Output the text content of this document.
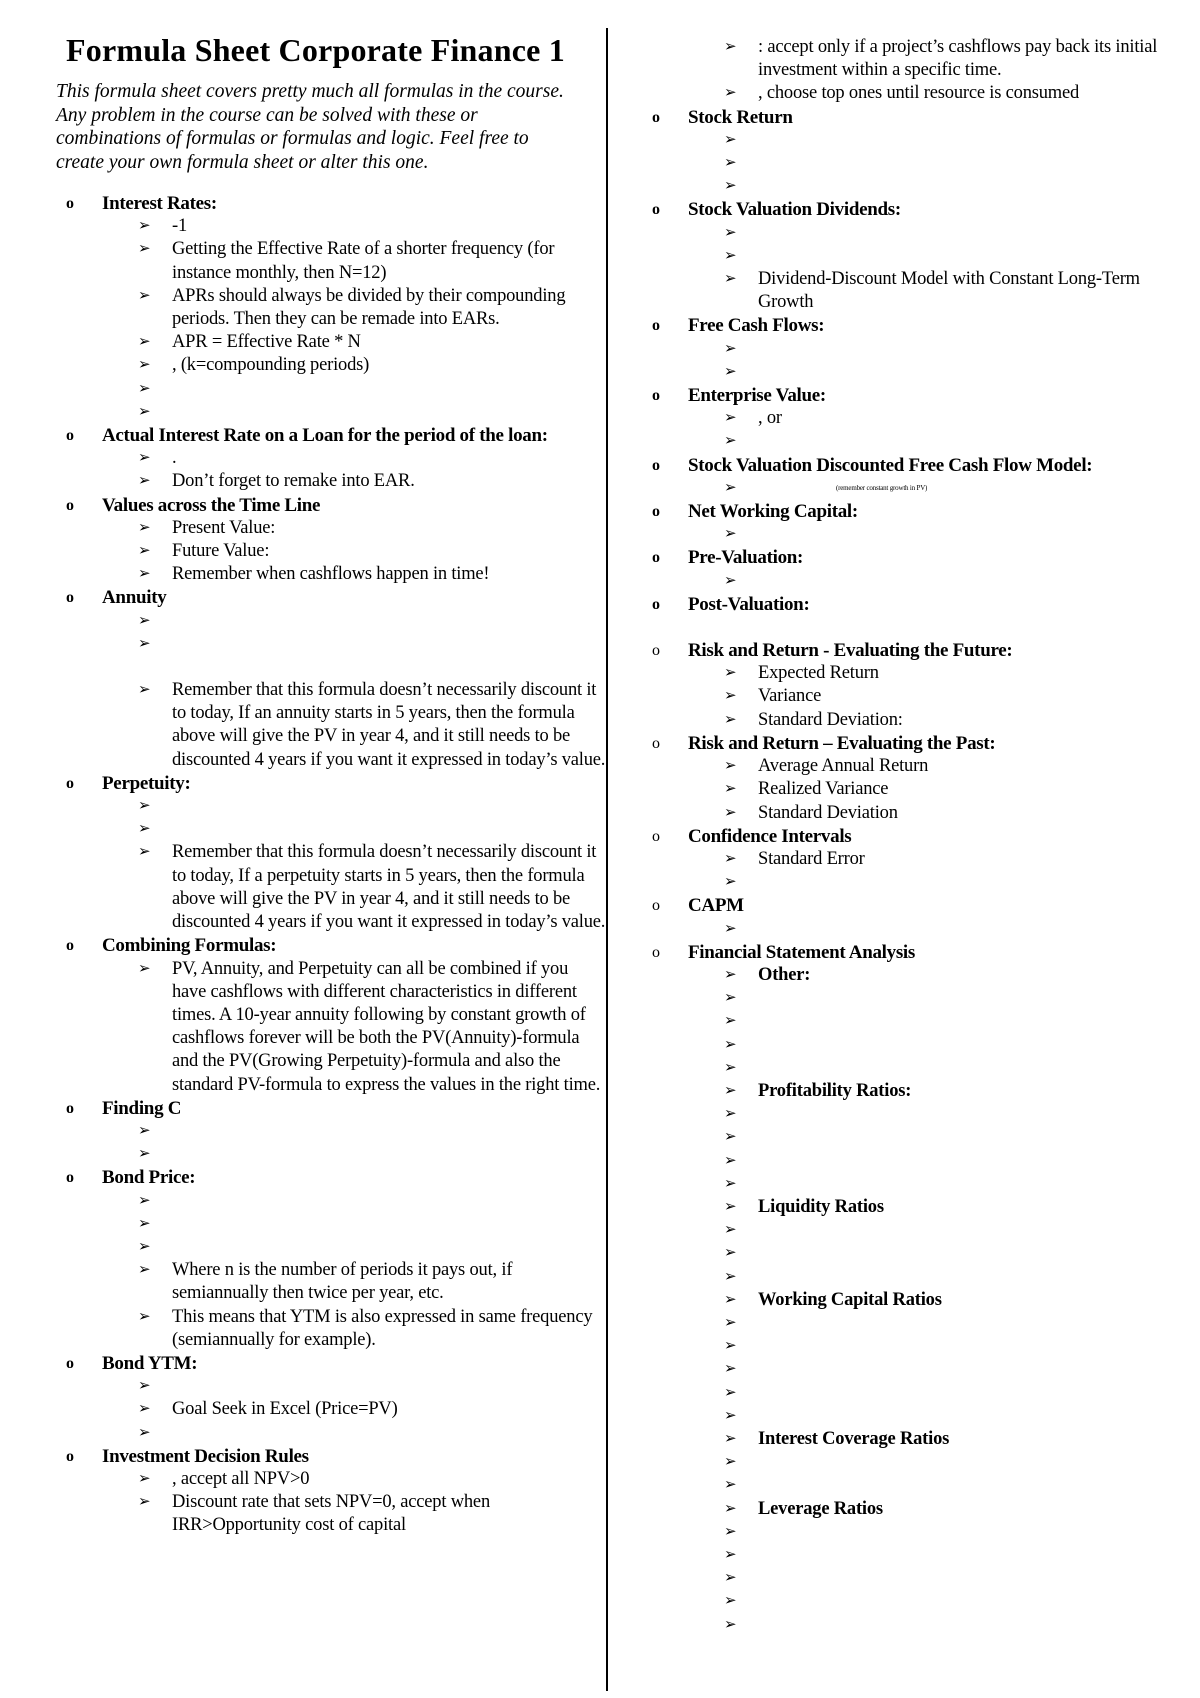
Formula Sheet Corporate Finance 1

This formula sheet covers pretty much all formulas in the course. Any problem in the course can be solved with these or combinations of formulas or formulas and logic. Feel free to create your own formula sheet or alter this one.

o	Interest Rates:
➢	-1
➢	Getting the Effective Rate of a shorter frequency (for instance monthly, then N=12)
➢	APRs should always be divided by their compounding periods. Then they can be remade into EARs.
➢	APR = Effective Rate * N
➢	, (k=compounding periods)
➢
➢
o	Actual Interest Rate on a Loan for the period of the loan:
➢	.
➢	Don’t forget to remake into EAR.
o	Values across the Time Line
➢	Present Value:
➢	Future Value:
➢	Remember when cashflows happen in time!
o	Annuity
➢
➢
➢	Remember that this formula doesn’t necessarily discount it to today, If an annuity starts in 5 years, then the formula above will give the PV in year 4, and it still needs to be discounted 4 years if you want it expressed in today’s value.
o	Perpetuity:
➢
➢
➢	Remember that this formula doesn’t necessarily discount it to today, If a perpetuity starts in 5 years, then the formula above will give the PV in year 4, and it still needs to be discounted 4 years if you want it expressed in today’s value.
o	Combining Formulas:
➢	PV, Annuity, and Perpetuity can all be combined if you have cashflows with different characteristics in different times. A 10-year annuity following by constant growth of cashflows forever will be both the PV(Annuity)-formula and the PV(Growing Perpetuity)-formula and also the standard PV-formula to express the values in the right time.
o	Finding C
➢
➢
o	Bond Price:
➢
➢
➢
➢	Where n is the number of periods it pays out, if semiannually then twice per year, etc.
➢	This means that YTM is also expressed in same frequency (semiannually for example).
o	Bond YTM:
➢
➢	Goal Seek in Excel (Price=PV)
➢
o	Investment Decision Rules
➢	, accept all NPV>0
➢	Discount rate that sets NPV=0, accept when IRR>Opportunity cost of capital
➢	: accept only if a project’s cashflows pay back its initial investment within a specific time.
➢	, choose top ones until resource is consumed
o	Stock Return
➢
➢
➢
o	Stock Valuation Dividends:
➢
➢
➢	Dividend-Discount Model with Constant Long-Term Growth
o	Free Cash Flows:
➢
➢
o	Enterprise Value:
➢	, or
➢
o	Stock Valuation Discounted Free Cash Flow Model:
➢	(remember constant growth in PV)
o	Net Working Capital:
➢
o	Pre-Valuation:
➢
o	Post-Valuation:
o	Risk and Return - Evaluating the Future:
➢	Expected Return
➢	Variance
➢	Standard Deviation:
o	Risk and Return – Evaluating the Past:
➢	Average Annual Return
➢	Realized Variance
➢	Standard Deviation
o	Confidence Intervals
➢	Standard Error
➢
o	CAPM
➢
o	Financial Statement Analysis
➢	Other:
➢
➢
➢
➢
➢	Profitability Ratios:
➢
➢
➢
➢
➢	Liquidity Ratios
➢
➢
➢
➢	Working Capital Ratios
➢
➢
➢
➢
➢
➢	Interest Coverage Ratios
➢
➢
➢	Leverage Ratios
➢
➢
➢
➢
➢
